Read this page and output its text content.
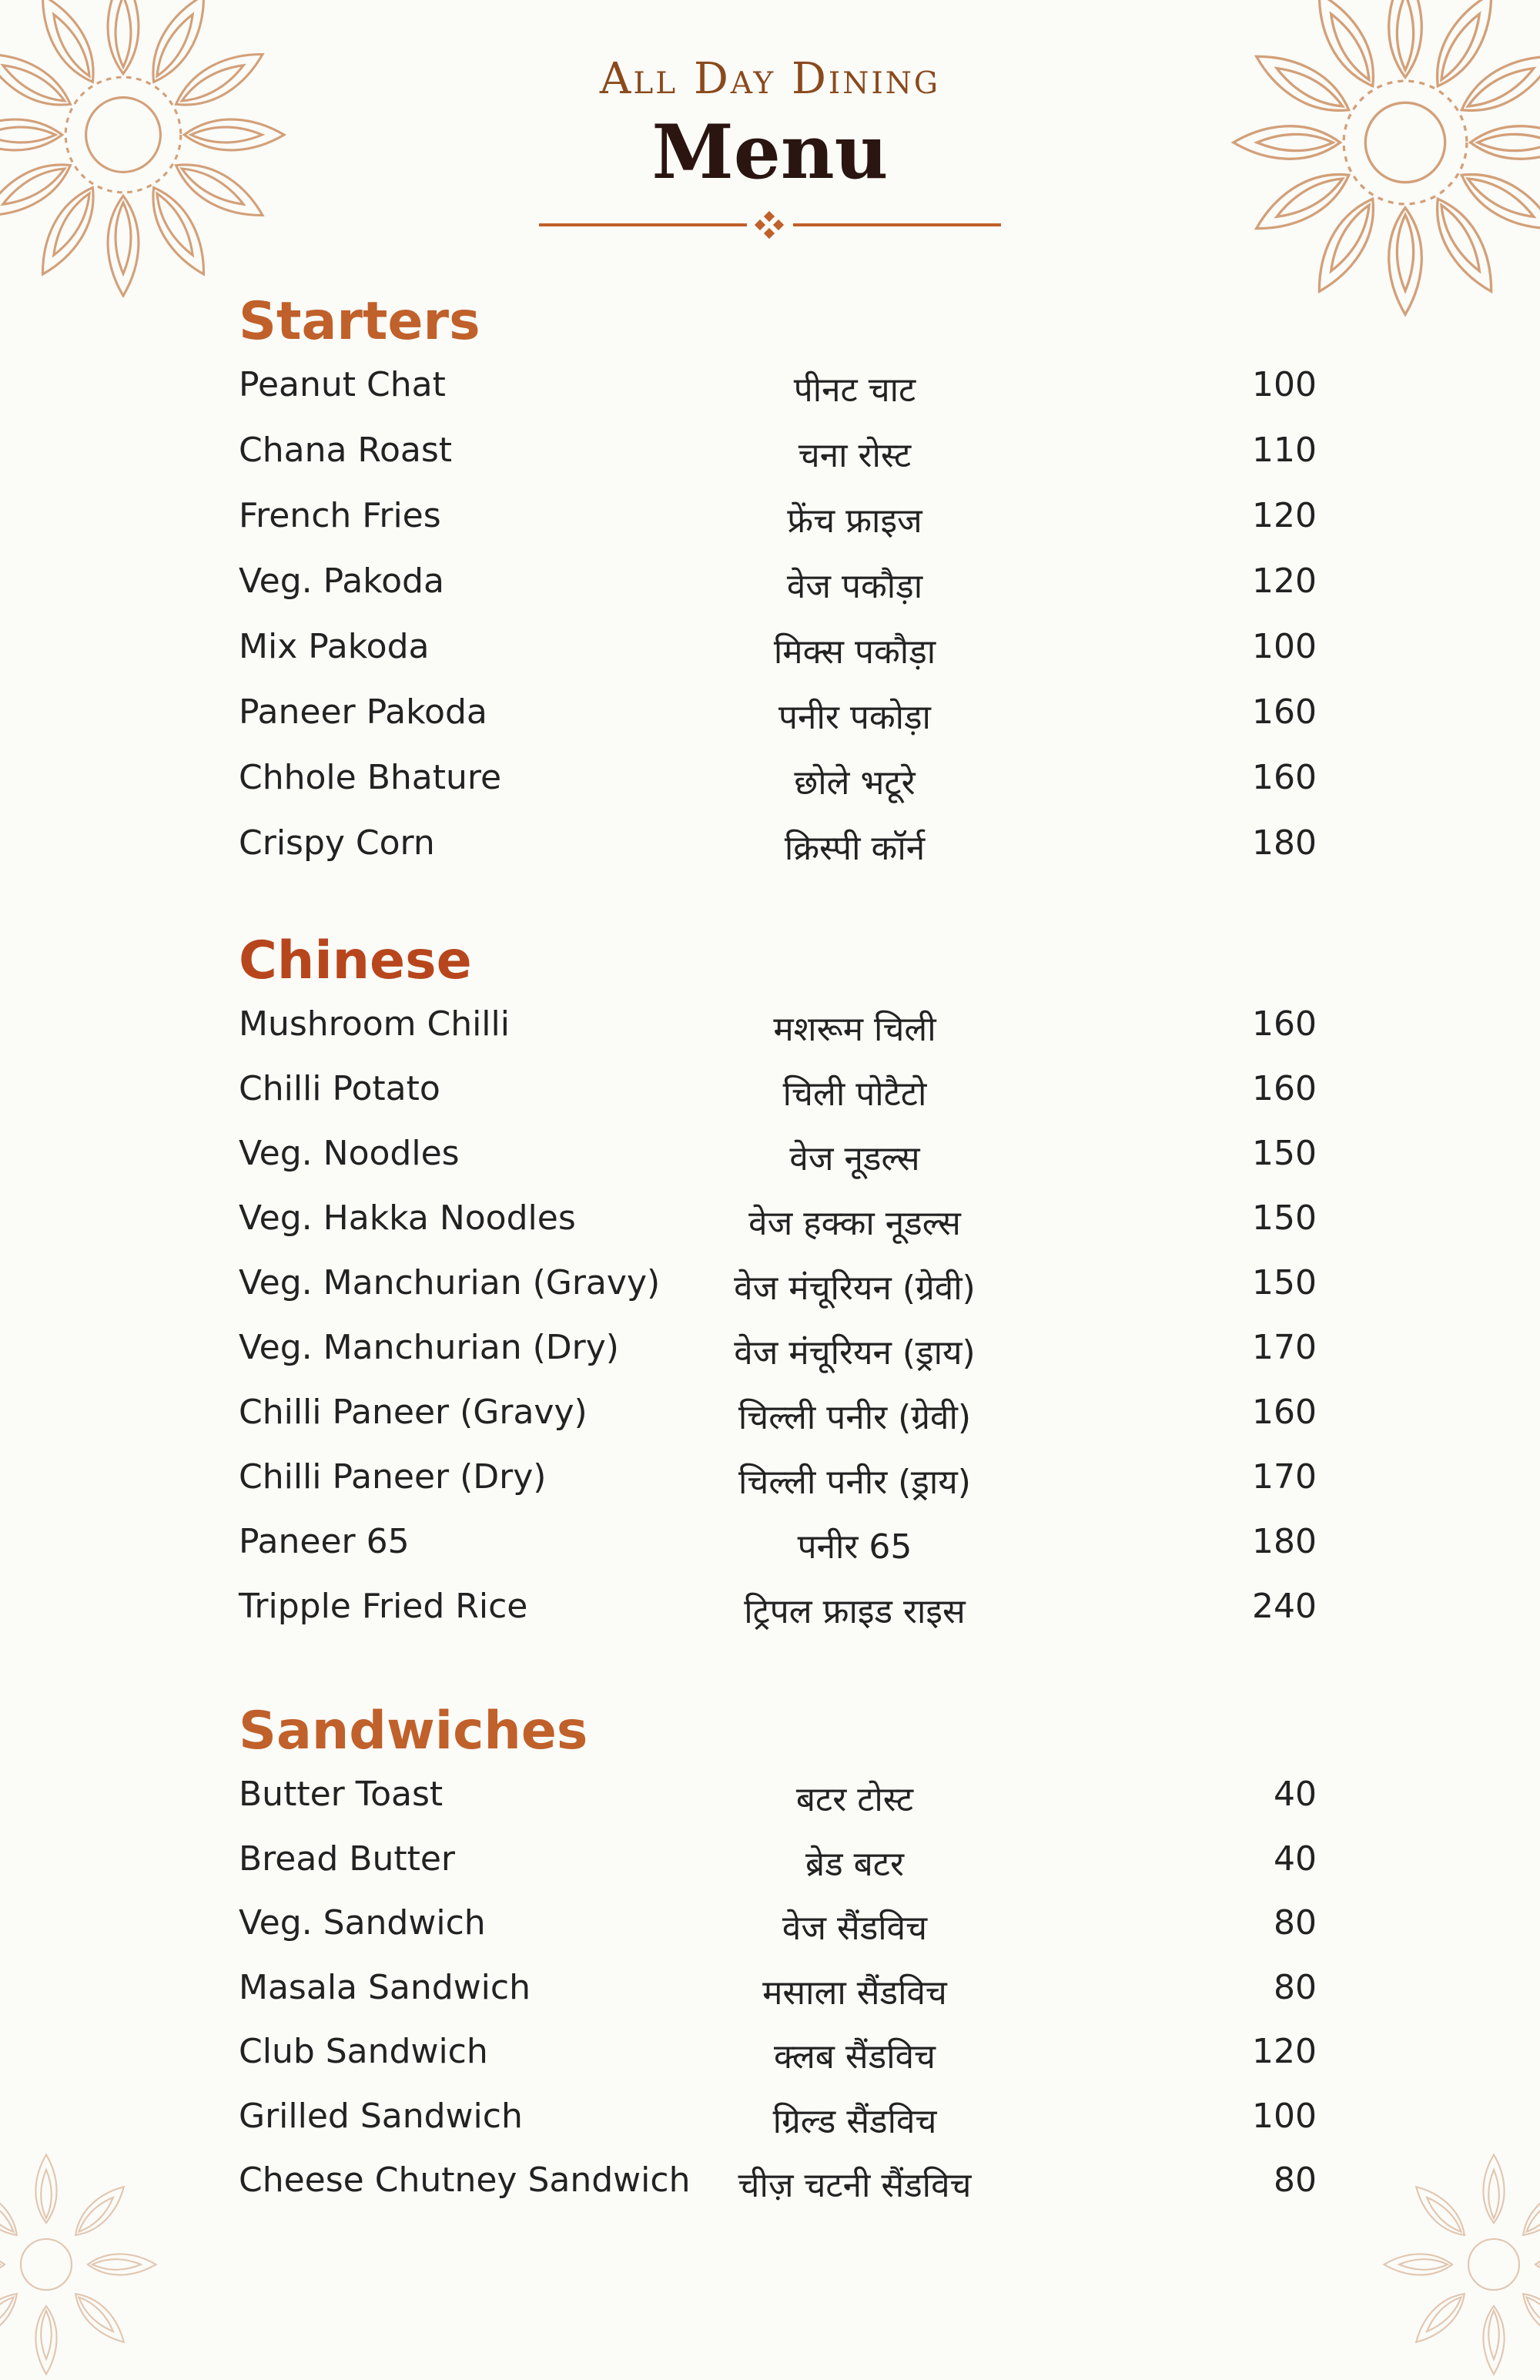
All Day Dining
Menu
Starters
Peanut Chat	पीनट चाट	100
Chana Roast	चना रोस्ट	110
French Fries	फ्रेंच फ्राइज	120
Veg. Pakoda	वेज पकौड़ा	120
Mix Pakoda	मिक्स पकौड़ा	100
Paneer Pakoda	पनीर पकोड़ा	160
Chhole Bhature	छोले भटूरे	160
Crispy Corn	क्रिस्पी कॉर्न	180
Chinese
Mushroom Chilli	मशरूम चिली	160
Chilli Potato	चिली पोटैटो	160
Veg. Noodles	वेज नूडल्स	150
Veg. Hakka Noodles	वेज हक्का नूडल्स	150
Veg. Manchurian (Gravy)	वेज मंचूरियन (ग्रेवी)	150
Veg. Manchurian (Dry)	वेज मंचूरियन (ड्राय)	170
Chilli Paneer (Gravy)	चिल्ली पनीर (ग्रेवी)	160
Chilli Paneer (Dry)	चिल्ली पनीर (ड्राय)	170
Paneer 65	पनीर 65	180
Tripple Fried Rice	ट्रिपल फ्राइड राइस	240
Sandwiches
Butter Toast	बटर टोस्ट	40
Bread Butter	ब्रेड बटर	40
Veg. Sandwich	वेज सैंडविच	80
Masala Sandwich	मसाला सैंडविच	80
Club Sandwich	क्लब सैंडविच	120
Grilled Sandwich	ग्रिल्ड सैंडविच	100
Cheese Chutney Sandwich	चीज़ चटनी सैंडविच	80
